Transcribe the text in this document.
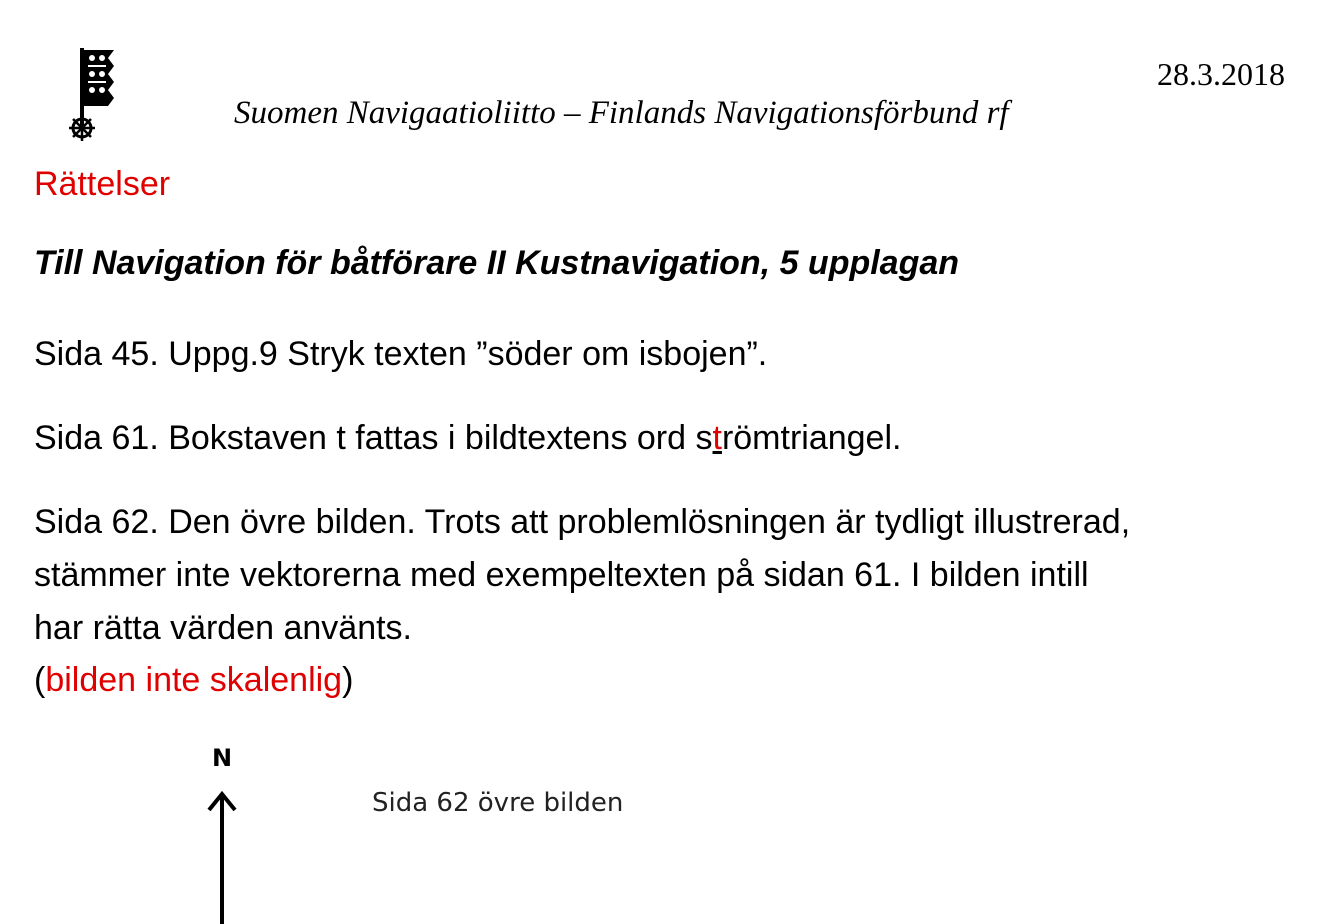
28.3.2018
Suomen Navigaatioliitto – Finlands Navigationsförbund rf
Rättelser
Till Navigation för båtförare II Kustnavigation, 5 upplagan
Sida 45. Uppg.9 Stryk texten ”söder om isbojen”.
Sida 61. Bokstaven t fattas i bildtextens ord strömtriangel.
Sida 62. Den övre bilden. Trots att problemlösningen är tydligt illustrerad,
stämmer inte vektorerna med exempeltexten på sidan 61. I bilden intill
har rätta värden använts.
(bilden inte skalenlig)
N
Sida 62 övre bilden
